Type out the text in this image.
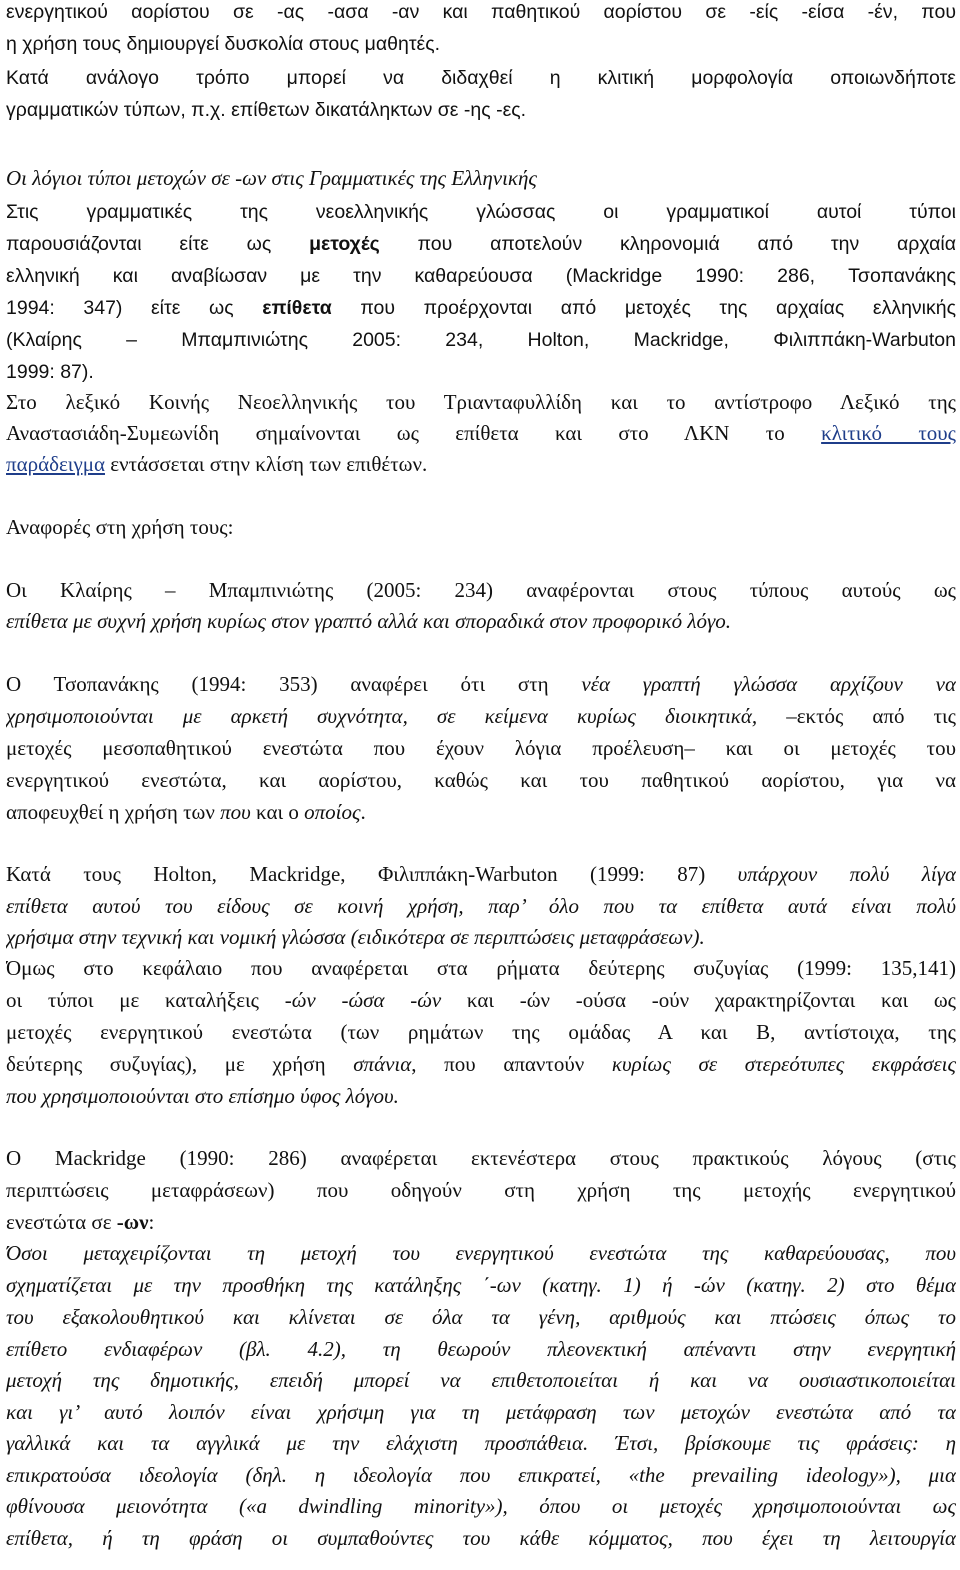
ενεργητικού αορίστου σε -ας -ασα -αν και παθητικού αορίστου σε -είς -είσα -έν, που
η χρήση τους δημιουργεί δυσκολία στους μαθητές.
Κατά ανάλογο τρόπο μπορεί να διδαχθεί η κλιτική μορφολογία οποιωνδήποτε
γραμματικών τύπων, π.χ. επίθετων δικατάληκτων σε -ης -ες.
Οι λόγιοι τύποι μετοχών σε -ων στις Γραμματικές της Ελληνικής
Στις γραμματικές της νεοελληνικής γλώσσας οι γραμματικοί αυτοί τύποι
παρουσιάζονται είτε ως μετοχές που αποτελούν κληρονομιά από την αρχαία
ελληνική και αναβίωσαν με την καθαρεύουσα (Mackridge 1990: 286, Τσοπανάκης
1994: 347) είτε ως επίθετα που προέρχονται από μετοχές της αρχαίας ελληνικής
(Κλαίρης – Μπαμπινιώτης 2005: 234, Holton, Mackridge, Φιλιππάκη-Warbuton
1999: 87).
Στο λεξικό Κοινής Νεοελληνικής του Τριανταφυλλίδη και το αντίστροφο Λεξικό της
Αναστασιάδη-Συμεωνίδη σημαίνονται ως επίθετα και στο ΛΚΝ το κλιτικό τους
παράδειγμα εντάσσεται στην κλίση των επιθέτων.
Αναφορές στη χρήση τους:
Οι Κλαίρης – Μπαμπινιώτης (2005: 234) αναφέρονται στους τύπους αυτούς ως
επίθετα με συχνή χρήση κυρίως στον γραπτό αλλά και σποραδικά στον προφορικό λόγο.
Ο Τσοπανάκης (1994: 353) αναφέρει ότι στη νέα γραπτή γλώσσα αρχίζουν να
χρησιμοποιούνται με αρκετή συχνότητα, σε κείμενα κυρίως διοικητικά, –εκτός από τις
μετοχές μεσοπαθητικού ενεστώτα που έχουν λόγια προέλευση– και οι μετοχές του
ενεργητικού ενεστώτα, και αορίστου, καθώς και του παθητικού αορίστου, για να
αποφευχθεί η χρήση των που και ο οποίος.
Κατά τους Holton, Mackridge, Φιλιππάκη-Warbuton (1999: 87) υπάρχουν πολύ λίγα
επίθετα αυτού του είδους σε κοινή χρήση, παρ’ όλο που τα επίθετα αυτά είναι πολύ
χρήσιμα στην τεχνική και νομική γλώσσα (ειδικότερα σε περιπτώσεις μεταφράσεων).
Όμως στο κεφάλαιο που αναφέρεται στα ρήματα δεύτερης συζυγίας (1999: 135,141)
οι τύποι με καταλήξεις -ών -ώσα -ών και -ών -ούσα -ούν χαρακτηρίζονται και ως
μετοχές ενεργητικού ενεστώτα (των ρημάτων της ομάδας Α και Β, αντίστοιχα, της
δεύτερης συζυγίας), με χρήση σπάνια, που απαντούν κυρίως σε στερεότυπες εκφράσεις
που χρησιμοποιούνται στο επίσημο ύφος λόγου.
Ο Mackridge (1990: 286) αναφέρεται εκτενέστερα στους πρακτικούς λόγους (στις
περιπτώσεις μεταφράσεων) που οδηγούν στη χρήση της μετοχής ενεργητικού
ενεστώτα σε -ων:
Όσοι μεταχειρίζονται τη μετοχή του ενεργητικού ενεστώτα της καθαρεύουσας, που
σχηματίζεται με την προσθήκη της κατάληξης ΄-ων (κατηγ. 1) ή -ών (κατηγ. 2) στο θέμα
του εξακολουθητικού και κλίνεται σε όλα τα γένη, αριθμούς και πτώσεις όπως το
επίθετο ενδιαφέρων (βλ. 4.2), τη θεωρούν πλεονεκτική απέναντι στην ενεργητική
μετοχή της δημοτικής, επειδή μπορεί να επιθετοποιείται ή και να ουσιαστικοποιείται
και γι’ αυτό λοιπόν είναι χρήσιμη για τη μετάφραση των μετοχών ενεστώτα από τα
γαλλικά και τα αγγλικά με την ελάχιστη προσπάθεια. Έτσι, βρίσκουμε τις φράσεις: η
επικρατούσα ιδεολογία (δηλ. η ιδεολογία που επικρατεί, «the prevailing ideology»), μια
φθίνουσα μειονότητα («a dwindling minority»), όπου οι μετοχές χρησιμοποιούνται ως
επίθετα, ή τη φράση οι συμπαθούντες του κάθε κόμματος, που έχει τη λειτουργία
